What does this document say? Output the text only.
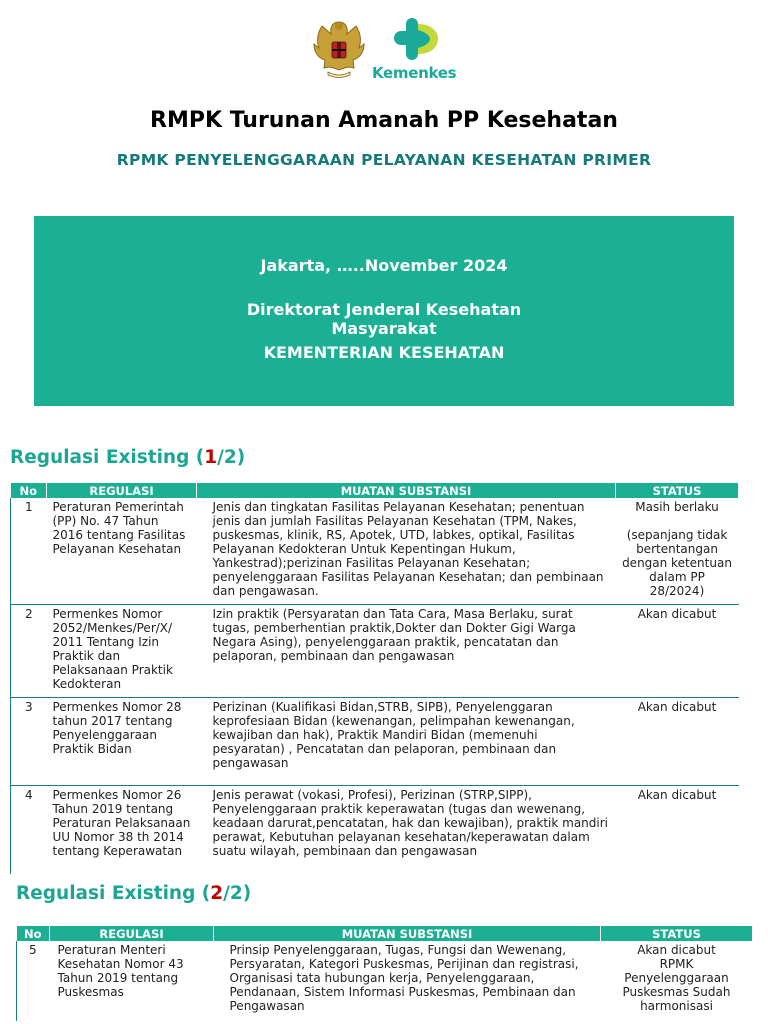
Kemenkes
RMPK Turunan Amanah PP Kesehatan
RPMK PENYELENGGARAAN PELAYANAN KESEHATAN PRIMER
Jakarta, …..November 2024
Direktorat Jenderal Kesehatan Masyarakat
KEMENTERIAN KESEHATAN
Regulasi Existing (1/2)
No	REGULASI	MUATAN SUBSTANSI	STATUS
1	Peraturan Pemerintah (PP) No. 47 Tahun 2016 tentang Fasilitas Pelayanan Kesehatan	Jenis dan tingkatan Fasilitas Pelayanan Kesehatan; penentuan jenis dan jumlah Fasilitas Pelayanan Kesehatan (TPM, Nakes, puskesmas, klinik, RS, Apotek, UTD, labkes, optikal, Fasilitas Pelayanan Kedokteran Untuk Kepentingan Hukum, Yankestrad);perizinan Fasilitas Pelayanan Kesehatan; penyelenggaraan Fasilitas Pelayanan Kesehatan; dan pembinaan dan pengawasan.	Masih berlaku
(sepanjang tidak bertentangan dengan ketentuan dalam PP 28/2024)

2	Permenkes Nomor 2052/Menkes/Per/X/ 2011 Tentang Izin Praktik dan Pelaksanaan Praktik Kedokteran	Izin praktik (Persyaratan dan Tata Cara, Masa Berlaku, surat tugas, pemberhentian praktik,Dokter dan Dokter Gigi Warga Negara Asing), penyelenggaraan praktik, pencatatan dan pelaporan, pembinaan dan pengawasan	Akan dicabut

3	Permenkes Nomor 28 tahun 2017 tentang Penyelenggaraan Praktik Bidan	Perizinan (Kualifikasi Bidan,STRB, SIPB), Penyelenggaran keprofesiaan Bidan (kewenangan, pelimpahan kewenangan, kewajiban dan hak), Praktik Mandiri Bidan (memenuhi pesyaratan) , Pencatatan dan pelaporan, pembinaan dan pengawasan	Akan dicabut

4	Permenkes Nomor 26 Tahun 2019 tentang Peraturan Pelaksanaan UU Nomor 38 th 2014 tentang Keperawatan	Jenis perawat (vokasi, Profesi), Perizinan (STRP,SIPP), Penyelenggaraan praktik keperawatan (tugas dan wewenang, keadaan darurat,pencatatan, hak dan kewajiban), praktik mandiri perawat, Kebutuhan pelayanan kesehatan/keperawatan dalam suatu wilayah, pembinaan dan pengawasan	Akan dicabut
Regulasi Existing (2/2)
No	REGULASI	MUATAN SUBSTANSI	STATUS
5	Peraturan Menteri Kesehatan Nomor 43 Tahun 2019 tentang Puskesmas	Prinsip Penyelenggaraan, Tugas, Fungsi dan Wewenang, Persyaratan, Kategori Puskesmas, Perijinan dan registrasi, Organisasi tata hubungan kerja, Penyelenggaraan, Pendanaan, Sistem Informasi Puskesmas, Pembinaan dan Pengawasan	Akan dicabut
RPMK Penyelenggaraan Puskesmas Sudah harmonisasi
